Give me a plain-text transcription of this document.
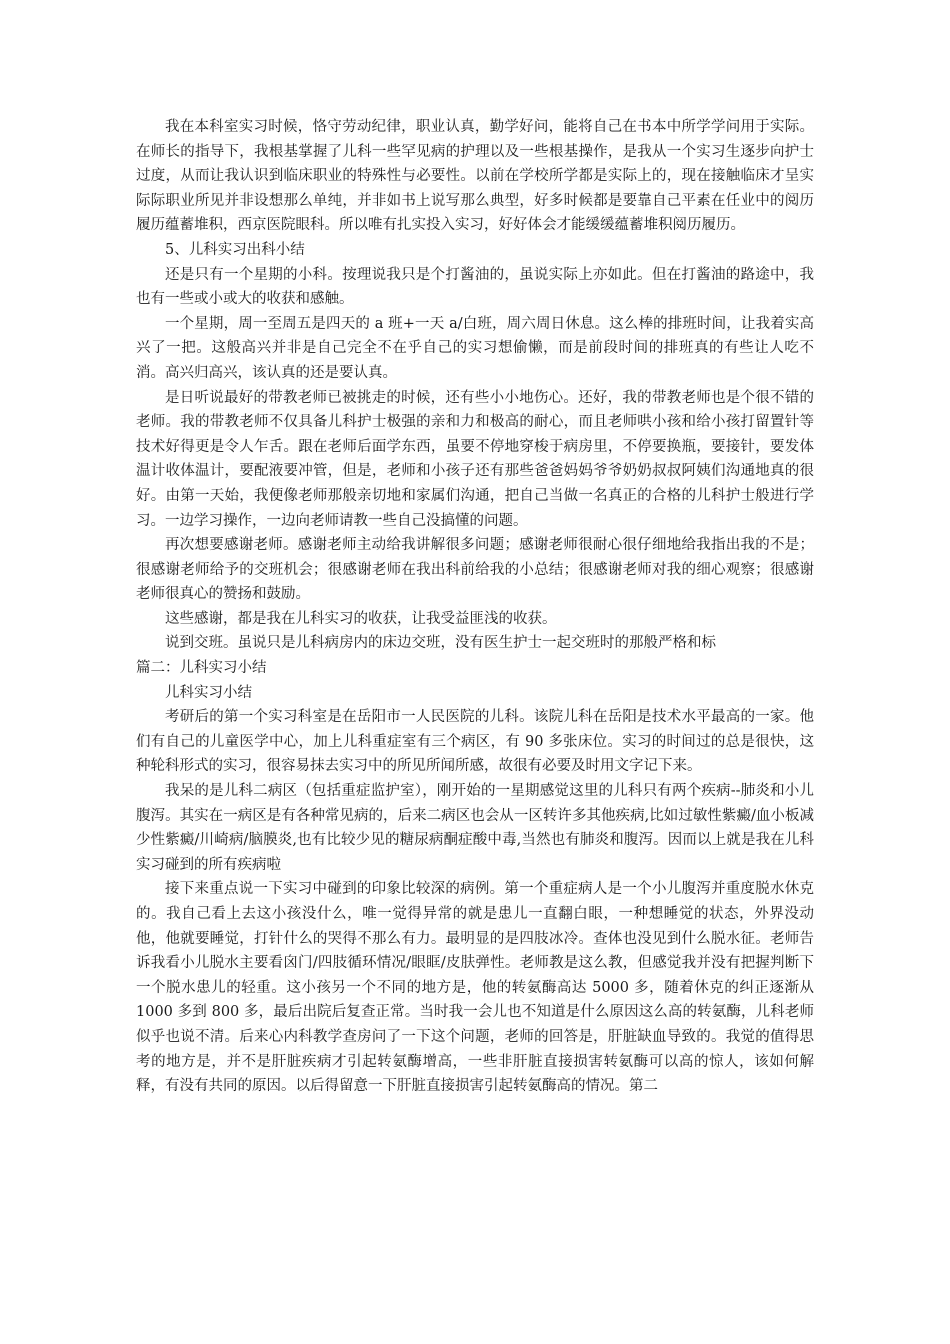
我在本科室实习时候，恪守劳动纪律，职业认真，勤学好问，能将自己在书本中所学学问用于实际。在师长的指导下，我根基掌握了儿科一些罕见病的护理以及一些根基操作，是我从一个实习生逐步向护士过度，从而让我认识到临床职业的特殊性与必要性。以前在学校所学都是实际上的，现在接触临床才呈实际际职业所见并非设想那么单纯，并非如书上说写那么典型，好多时候都是要靠自己平素在任业中的阅历履历蕴蓄堆积，西京医院眼科。所以唯有扎实投入实习，好好体会才能缓缓蕴蓄堆积阅历履历。

5、儿科实习出科小结

还是只有一个星期的小科。按理说我只是个打酱油的，虽说实际上亦如此。但在打酱油的路途中，我也有一些或小或大的收获和感触。

一个星期，周一至周五是四天的 a 班+一天 a/白班，周六周日休息。这么棒的排班时间，让我着实高兴了一把。这般高兴并非是自己完全不在乎自己的实习想偷懒，而是前段时间的排班真的有些让人吃不消。高兴归高兴，该认真的还是要认真。

是日听说最好的带教老师已被挑走的时候，还有些小小地伤心。还好，我的带教老师也是个很不错的老师。我的带教老师不仅具备儿科护士极强的亲和力和极高的耐心，而且老师哄小孩和给小孩打留置针等技术好得更是令人乍舌。跟在老师后面学东西，虽要不停地穿梭于病房里，不停要换瓶，要接针，要发体温计收体温计，要配液要冲管，但是，老师和小孩子还有那些爸爸妈妈爷爷奶奶叔叔阿姨们沟通地真的很好。由第一天始，我便像老师那般亲切地和家属们沟通，把自己当做一名真正的合格的儿科护士般进行学习。一边学习操作，一边向老师请教一些自己没搞懂的问题。

再次想要感谢老师。感谢老师主动给我讲解很多问题；感谢老师很耐心很仔细地给我指出我的不是；很感谢老师给予的交班机会；很感谢老师在我出科前给我的小总结；很感谢老师对我的细心观察；很感谢老师很真心的赞扬和鼓励。

这些感谢，都是我在儿科实习的收获，让我受益匪浅的收获。

说到交班。虽说只是儿科病房内的床边交班，没有医生护士一起交班时的那般严格和标

篇二：儿科实习小结

儿科实习小结

考研后的第一个实习科室是在岳阳市一人民医院的儿科。该院儿科在岳阳是技术水平最高的一家。他们有自己的儿童医学中心，加上儿科重症室有三个病区，有 90 多张床位。实习的时间过的总是很快，这种轮科形式的实习，很容易抹去实习中的所见所闻所感，故很有必要及时用文字记下来。

我呆的是儿科二病区（包括重症监护室），刚开始的一星期感觉这里的儿科只有两个疾病--肺炎和小儿腹泻。其实在一病区是有各种常见病的，后来二病区也会从一区转许多其他疾病,比如过敏性紫癜/血小板减少性紫癜/川崎病/脑膜炎,也有比较少见的糖尿病酮症酸中毒,当然也有肺炎和腹泻。因而以上就是我在儿科实习碰到的所有疾病啦

接下来重点说一下实习中碰到的印象比较深的病例。第一个重症病人是一个小儿腹泻并重度脱水休克的。我自己看上去这小孩没什么，唯一觉得异常的就是患儿一直翻白眼，一种想睡觉的状态，外界没动他，他就要睡觉，打针什么的哭得不那么有力。最明显的是四肢冰冷。查体也没见到什么脱水征。老师告诉我看小儿脱水主要看囟门/四肢循环情况/眼眶/皮肤弹性。老师教是这么教，但感觉我并没有把握判断下一个脱水患儿的轻重。这小孩另一个不同的地方是，他的转氨酶高达 5000 多，随着休克的纠正逐渐从 1000 多到 800 多，最后出院后复查正常。当时我一会儿也不知道是什么原因这么高的转氨酶，儿科老师似乎也说不清。后来心内科教学查房问了一下这个问题，老师的回答是，肝脏缺血导致的。我觉的值得思考的地方是，并不是肝脏疾病才引起转氨酶增高，一些非肝脏直接损害转氨酶可以高的惊人，该如何解释，有没有共同的原因。以后得留意一下肝脏直接损害引起转氨酶高的情况。第二
